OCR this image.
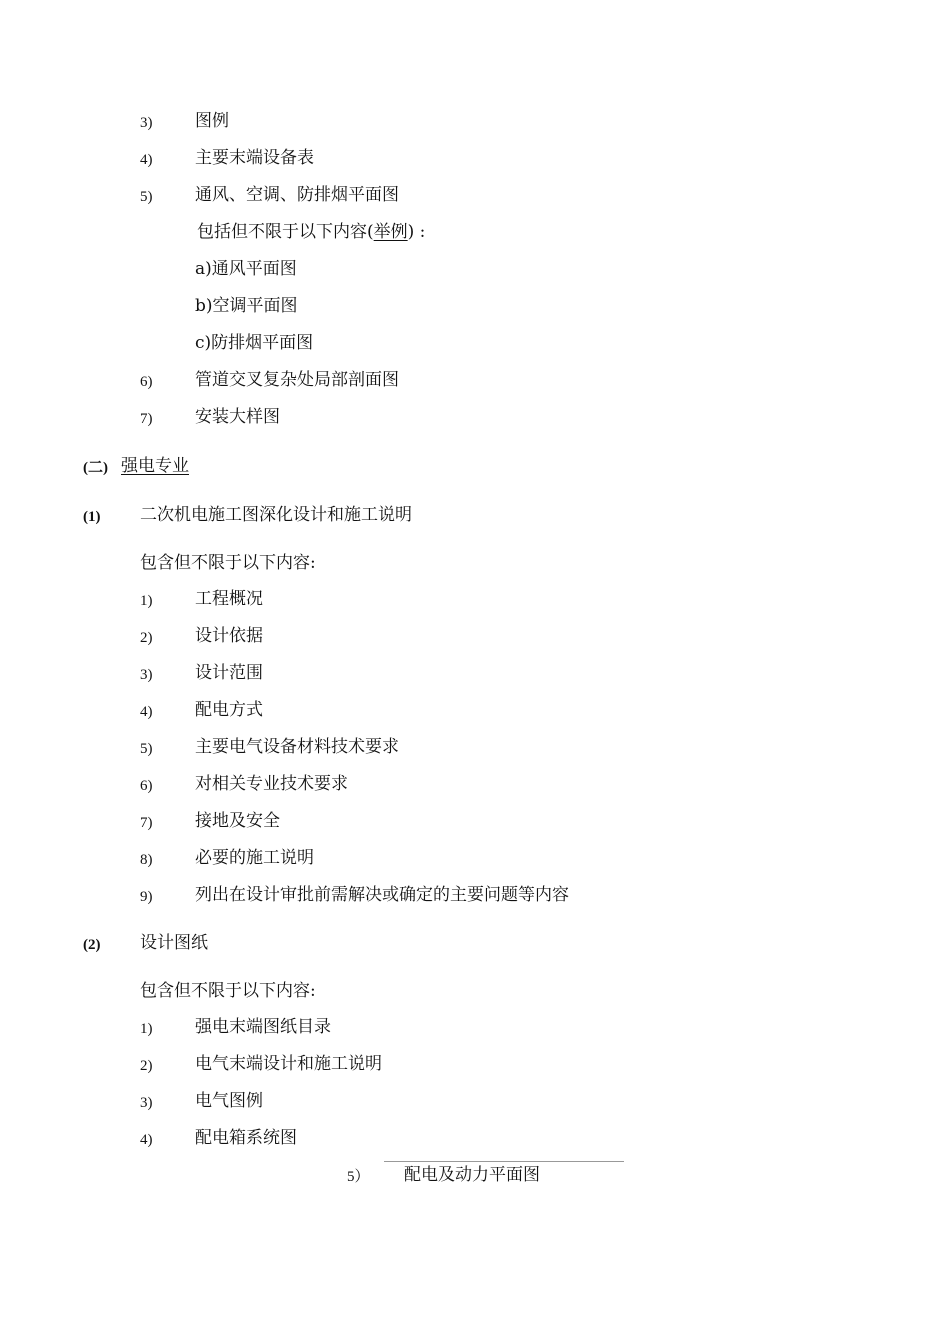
3)	图例
4)	主要末端设备表
5)	通风、空调、防排烟平面图
包括但不限于以下内容(举例) :
a)通风平面图
b)空调平面图
c)防排烟平面图
6)	管道交叉复杂处局部剖面图
7)	安装大样图
(二) 强电专业
(1) 二次机电施工图深化设计和施工说明
包含但不限于以下内容:
1)	工程概况
2)	设计依据
3)	设计范围
4)	配电方式
5)	主要电气设备材料技术要求
6)	对相关专业技术要求
7)	接地及安全
8)	必要的施工说明
9)	列出在设计审批前需解决或确定的主要问题等内容
(2) 设计图纸
包含但不限于以下内容:
1)	强电末端图纸目录
2)	电气末端设计和施工说明
3)	电气图例
4)	配电箱系统图
5） 配电及动力平面图
